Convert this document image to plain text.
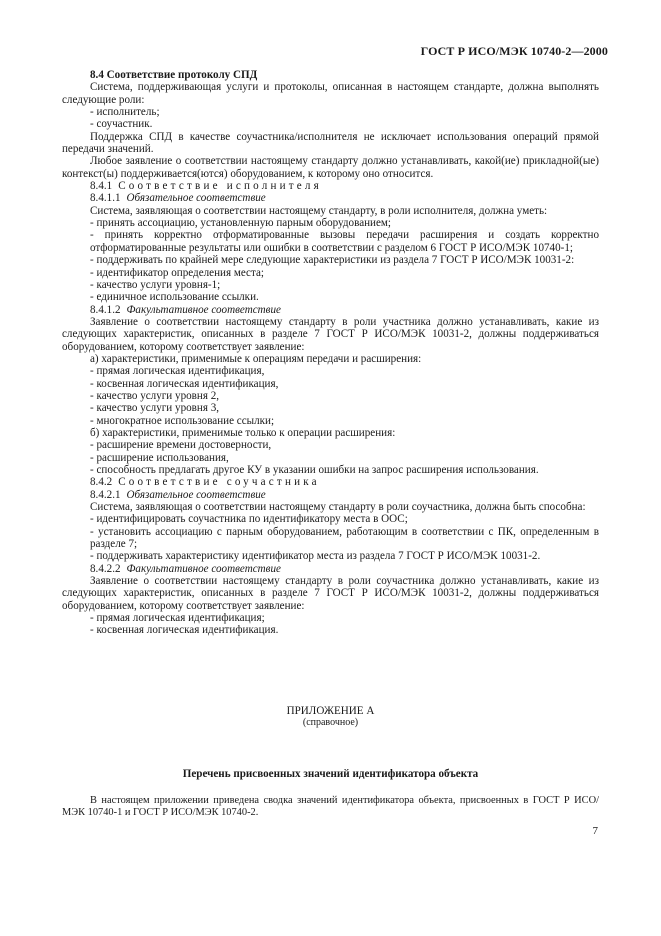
ГОСТ Р ИСО/МЭК 10740-2—2000

8.4 Соответствие протоколу СПД

Система, поддерживающая услуги и протоколы, описанная в настоящем стандарте, должна выполнять следующие роли:

- исполнитель;

- соучастник.

Поддержка СПД в качестве соучастника/исполнителя не исключает использования операций прямой передачи значений.

Любое заявление о соответствии настоящему стандарту должно устанавливать, какой(ие) прикладной(ые) контекст(ы) поддерживается(ются) оборудованием, к которому оно относится.

8.4.1 Соответствие исполнителя

8.4.1.1 Обязательное соответствие

Система, заявляющая о соответствии настоящему стандарту, в роли исполнителя, должна уметь:

- принять ассоциацию, установленную парным оборудованием;

- принять корректно отформатированные вызовы передачи расширения и создать корректно отформатированные результаты или ошибки в соответствии с разделом 6 ГОСТ Р ИСО/МЭК 10740-1;

- поддерживать по крайней мере следующие характеристики из раздела 7 ГОСТ Р ИСО/МЭК 10031-2:

- идентификатор определения места;

- качество услуги уровня-1;

- единичное использование ссылки.

8.4.1.2 Факультативное соответствие

Заявление о соответствии настоящему стандарту в роли участника должно устанавливать, какие из следующих характеристик, описанных в разделе 7 ГОСТ Р ИСО/МЭК 10031-2, должны поддерживаться оборудованием, которому соответствует заявление:

а) характеристики, применимые к операциям передачи и расширения:

- прямая логическая идентификация,

- косвенная логическая идентификация,

- качество услуги уровня 2,

- качество услуги уровня 3,

- многократное использование ссылки;

б) характеристики, применимые только к операции расширения:

- расширение времени достоверности,

- расширение использования,

- способность предлагать другое КУ в указании ошибки на запрос расширения использования.

8.4.2 Соответствие соучастника

8.4.2.1 Обязательное соответствие

Система, заявляющая о соответствии настоящему стандарту в роли соучастника, должна быть способна:

- идентифицировать соучастника по идентификатору места в ООС;

- установить ассоциацию с парным оборудованием, работающим в соответствии с ПК, определенным в разделе 7;

- поддерживать характеристику идентификатор места из раздела 7 ГОСТ Р ИСО/МЭК 10031-2.

8.4.2.2 Факультативное соответствие

Заявление о соответствии настоящему стандарту в роли соучастника должно устанавливать, какие из следующих характеристик, описанных в разделе 7 ГОСТ Р ИСО/МЭК 10031-2, должны поддерживаться оборудованием, которому соответствует заявление:

- прямая логическая идентификация;

- косвенная логическая идентификация.

ПРИЛОЖЕНИЕ А
(справочное)
Перечень присвоенных значений идентификатора объекта

В настоящем приложении приведена сводка значений идентификатора объекта, присвоенных в ГОСТ Р ИСО/МЭК 10740-1 и ГОСТ Р ИСО/МЭК 10740-2.

7
